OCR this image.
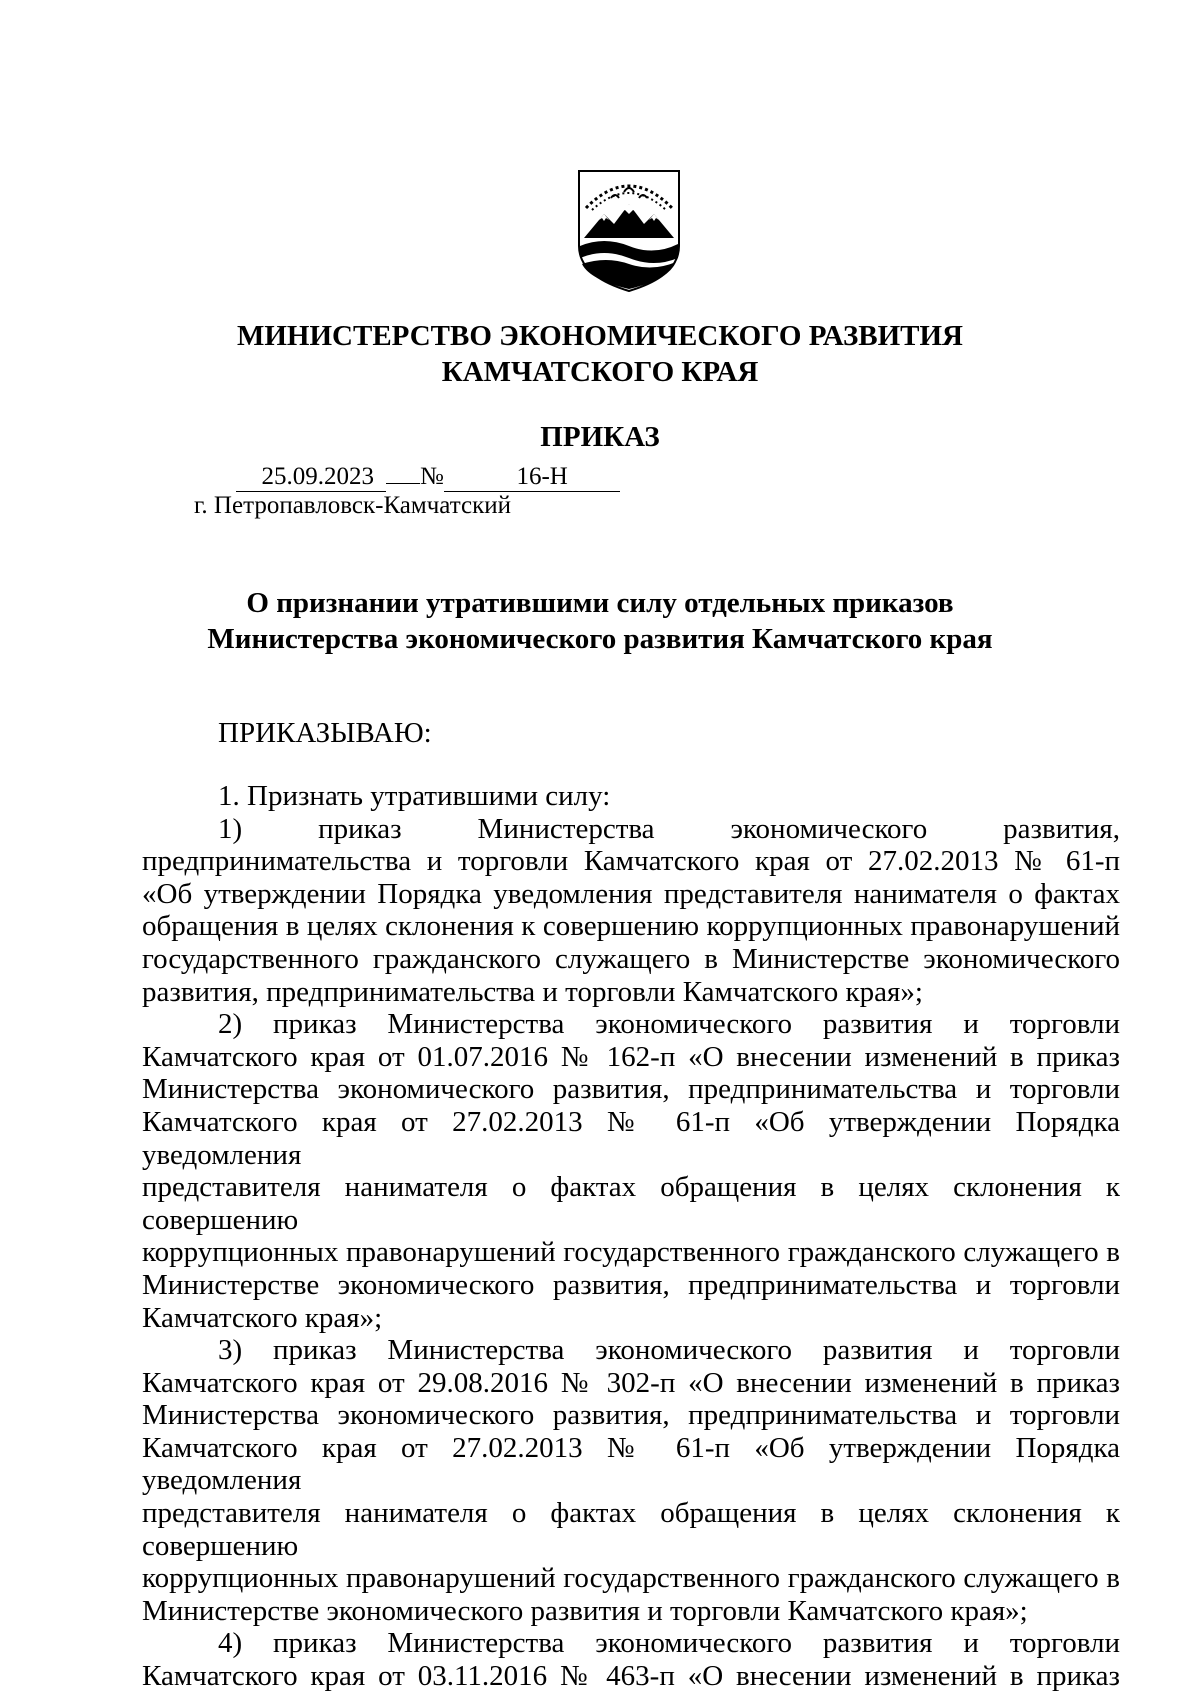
МИНИСТЕРСТВО ЭКОНОМИЧЕСКОГО РАЗВИТИЯ
КАМЧАТСКОГО КРАЯ
ПРИКАЗ
25.09.2023 №	16-Н
г. Петропавловск-Камчатский
О признании утратившими силу отдельных приказов
Министерства экономического развития Камчатского края
ПРИКАЗЫВАЮ:
1. Признать утратившими силу:
1) приказ Министерства экономического развития,
предпринимательства и торговли Камчатского края от 27.02.2013 № 61-п
«Об утверждении Порядка уведомления представителя нанимателя о фактах
обращения в целях склонения к совершению коррупционных правонарушений
государственного гражданского служащего в Министерстве экономического
развития, предпринимательства и торговли Камчатского края»;
2) приказ Министерства экономического развития и торговли
Камчатского края от 01.07.2016 № 162-п «О внесении изменений в приказ
Министерства экономического развития, предпринимательства и торговли
Камчатского края от 27.02.2013 № 61-п «Об утверждении Порядка уведомления
представителя нанимателя о фактах обращения в целях склонения к совершению
коррупционных правонарушений государственного гражданского служащего в
Министерстве экономического развития, предпринимательства и торговли
Камчатского края»;
3) приказ Министерства экономического развития и торговли
Камчатского края от 29.08.2016 № 302-п «О внесении изменений в приказ
Министерства экономического развития, предпринимательства и торговли
Камчатского края от 27.02.2013 № 61-п «Об утверждении Порядка уведомления
представителя нанимателя о фактах обращения в целях склонения к совершению
коррупционных правонарушений государственного гражданского служащего в
Министерстве экономического развития и торговли Камчатского края»;
4) приказ Министерства экономического развития и торговли
Камчатского края от 03.11.2016 № 463-п «О внесении изменений в приказ
